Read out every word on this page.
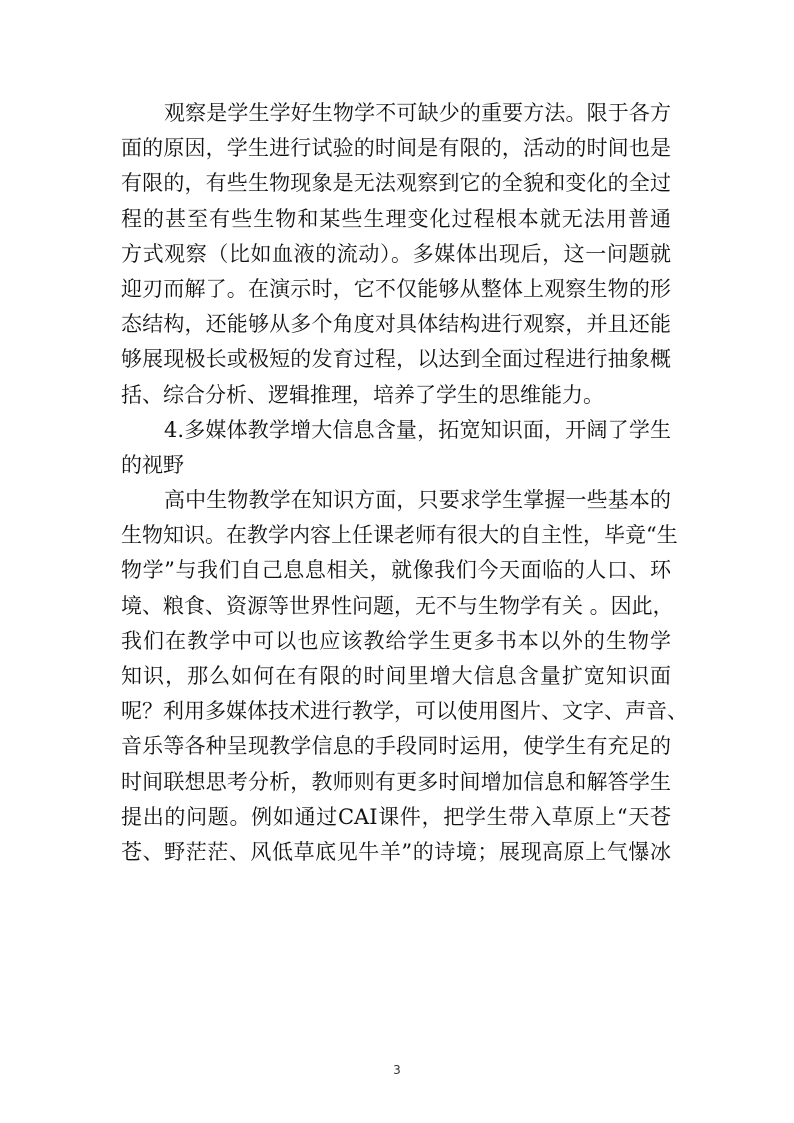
观察是学生学好生物学不可缺少的重要方法。限于各方
面的原因，学生进行试验的时间是有限的，活动的时间也是
有限的，有些生物现象是无法观察到它的全貌和变化的全过
程的甚至有些生物和某些生理变化过程根本就无法用普通
方式观察（比如血液的流动）。多媒体出现后，这一问题就
迎刃而解了。在演示时，它不仅能够从整体上观察生物的形
态结构，还能够从多个角度对具体结构进行观察，并且还能
够展现极长或极短的发育过程，以达到全面过程进行抽象概
括、综合分析、逻辑推理，培养了学生的思维能力。
4.多媒体教学增大信息含量，拓宽知识面，开阔了学生
的视野
高中生物教学在知识方面，只要求学生掌握一些基本的
生物知识。在教学内容上任课老师有很大的自主性，毕竟“生
物学”与我们自己息息相关，就像我们今天面临的人口、环
境、粮食、资源等世界性问题，无不与生物学有关 。因此，
我们在教学中可以也应该教给学生更多书本以外的生物学
知识，那么如何在有限的时间里增大信息含量扩宽知识面
呢？利用多媒体技术进行教学，可以使用图片、文字、声音、
音乐等各种呈现教学信息的手段同时运用，使学生有充足的
时间联想思考分析，教师则有更多时间增加信息和解答学生
提出的问题。例如通过CAI课件，把学生带入草原上“天苍
苍、野茫茫、风低草底见牛羊”的诗境；展现高原上气懪冰
3
